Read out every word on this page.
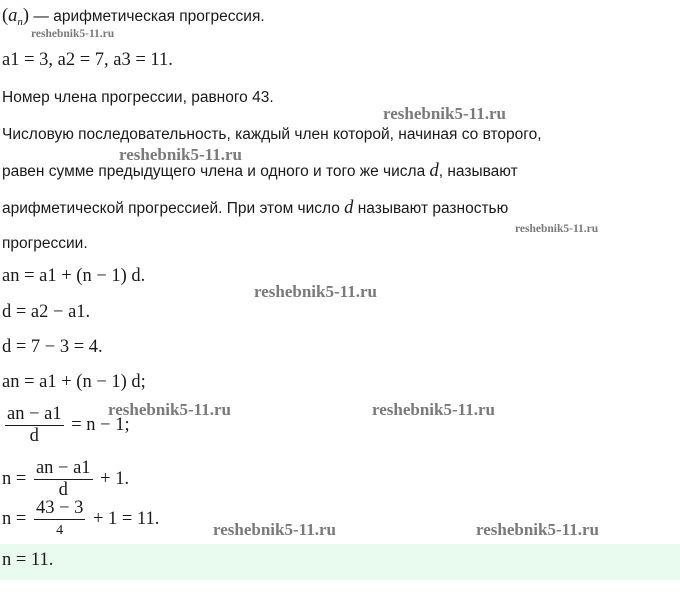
$(a_n)$ — арифметическая прогрессия.
a1 = 3, a2 = 7, a3 = 11.
Номер члена прогрессии, равного 43.
Числовую последовательность, каждый член которой, начиная со второго,
равен сумме предыдущего члена и одного и того же числа d, называют
арифметической прогрессией. При этом число d называют разностью
прогрессии.
an = a1 + (n − 1) d.
d = a2 − a1.
d = 7 − 3 = 4.
an = a1 + (n − 1) d;
$\frac{an - a1}{d} = n - 1$;
$n = \frac{an - a1}{d} + 1$.
$n = \frac{43 - 3}{4} + 1 = 11$.
n = 11.
reshebnik5-11.ru
reshebnik5-11.ru
reshebnik5-11.ru
reshebnik5-11.ru
reshebnik5-11.ru
reshebnik5-11.ru	reshebnik5-11.ru
reshebnik5-11.ru	reshebnik5-11.ru
